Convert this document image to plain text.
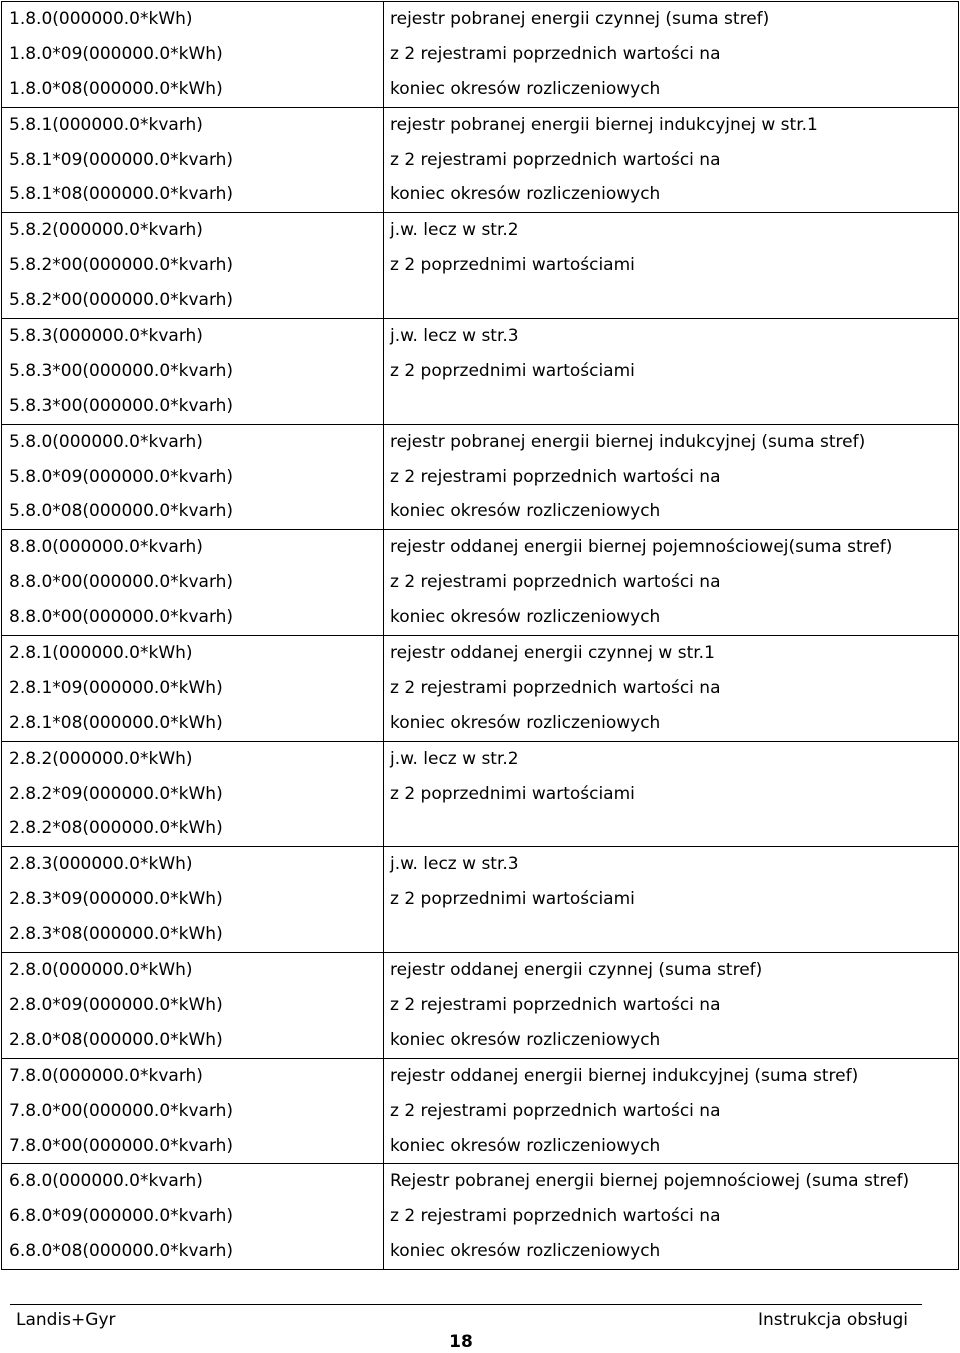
1.8.0(000000.0*kWh)
1.8.0*09(000000.0*kWh)
1.8.0*08(000000.0*kWh)	rejestr pobranej energii czynnej (suma stref)
z 2 rejestrami poprzednich wartości na
koniec okresów rozliczeniowych

5.8.1(000000.0*kvarh)
5.8.1*09(000000.0*kvarh)
5.8.1*08(000000.0*kvarh)	rejestr pobranej energii biernej indukcyjnej w str.1
z 2 rejestrami poprzednich wartości na
koniec okresów rozliczeniowych

5.8.2(000000.0*kvarh)
5.8.2*00(000000.0*kvarh)
5.8.2*00(000000.0*kvarh)	j.w. lecz w str.2
z 2 poprzednimi wartościami

5.8.3(000000.0*kvarh)
5.8.3*00(000000.0*kvarh)
5.8.3*00(000000.0*kvarh)	j.w. lecz w str.3
z 2 poprzednimi wartościami

5.8.0(000000.0*kvarh)
5.8.0*09(000000.0*kvarh)
5.8.0*08(000000.0*kvarh)	rejestr pobranej energii biernej indukcyjnej (suma stref)
z 2 rejestrami poprzednich wartości na
koniec okresów rozliczeniowych

8.8.0(000000.0*kvarh)
8.8.0*00(000000.0*kvarh)
8.8.0*00(000000.0*kvarh)	rejestr oddanej energii biernej pojemnościowej(suma stref)
z 2 rejestrami poprzednich wartości na
koniec okresów rozliczeniowych

2.8.1(000000.0*kWh)
2.8.1*09(000000.0*kWh)
2.8.1*08(000000.0*kWh)	rejestr oddanej energii czynnej w str.1
z 2 rejestrami poprzednich wartości na
koniec okresów rozliczeniowych

2.8.2(000000.0*kWh)
2.8.2*09(000000.0*kWh)
2.8.2*08(000000.0*kWh)	j.w. lecz w str.2
z 2 poprzednimi wartościami

2.8.3(000000.0*kWh)
2.8.3*09(000000.0*kWh)
2.8.3*08(000000.0*kWh)	j.w. lecz w str.3
z 2 poprzednimi wartościami

2.8.0(000000.0*kWh)
2.8.0*09(000000.0*kWh)
2.8.0*08(000000.0*kWh)	rejestr oddanej energii czynnej (suma stref)
z 2 rejestrami poprzednich wartości na
koniec okresów rozliczeniowych

7.8.0(000000.0*kvarh)
7.8.0*00(000000.0*kvarh)
7.8.0*00(000000.0*kvarh)	rejestr oddanej energii biernej indukcyjnej (suma stref)
z 2 rejestrami poprzednich wartości na
koniec okresów rozliczeniowych

6.8.0(000000.0*kvarh)
6.8.0*09(000000.0*kvarh)
6.8.0*08(000000.0*kvarh)	Rejestr pobranej energii biernej pojemnościowej (suma stref)
z 2 rejestrami poprzednich wartości na
koniec okresów rozliczeniowych
Landis+Gyr	Instrukcja obsługi
18
